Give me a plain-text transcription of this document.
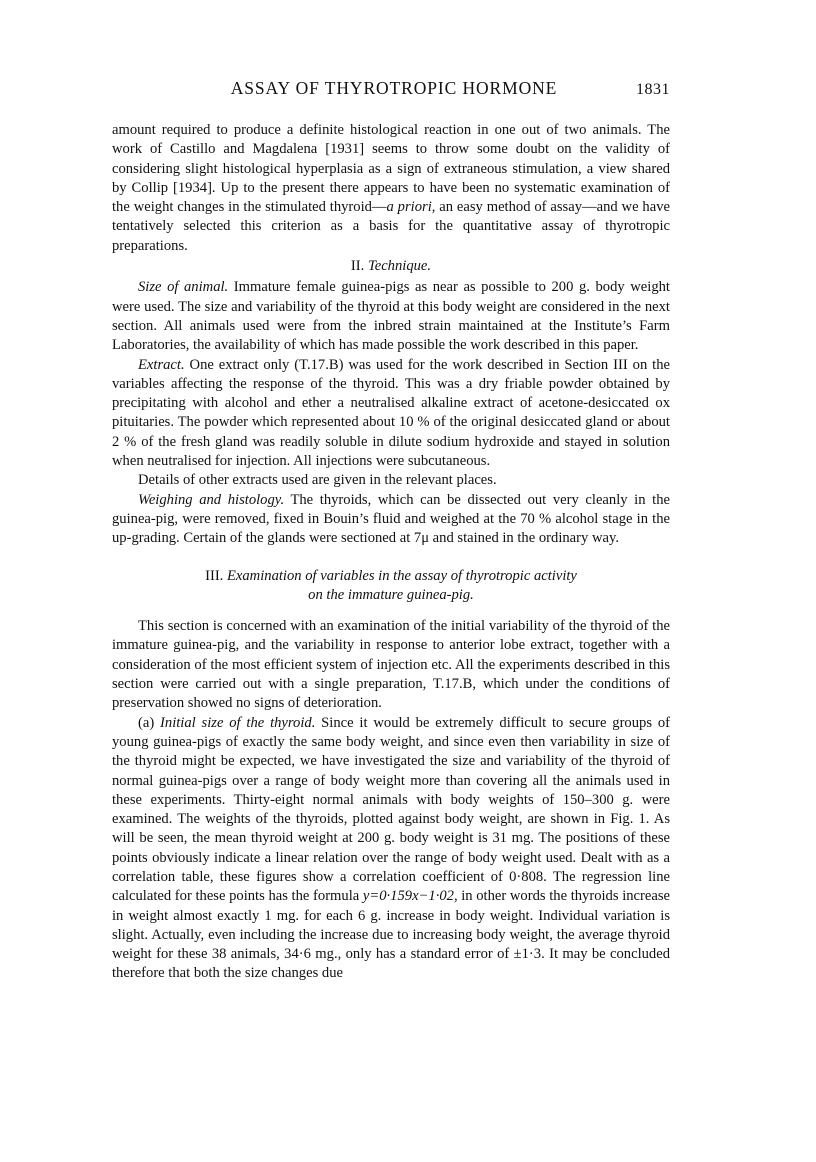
ASSAY OF THYROTROPIC HORMONE	1831

amount required to produce a definite histological reaction in one out of two animals. The work of Castillo and Magdalena [1931] seems to throw some doubt on the validity of considering slight histological hyperplasia as a sign of extraneous stimulation, a view shared by Collip [1934]. Up to the present there appears to have been no systematic examination of the weight changes in the stimulated thyroid—a priori, an easy method of assay—and we have tentatively selected this criterion as a basis for the quantitative assay of thyrotropic preparations.

II. Technique.

Size of animal. Immature female guinea-pigs as near as possible to 200 g. body weight were used. The size and variability of the thyroid at this body weight are considered in the next section. All animals used were from the inbred strain maintained at the Institute’s Farm Laboratories, the availability of which has made possible the work described in this paper.

Extract. One extract only (T.17.B) was used for the work described in Section III on the variables affecting the response of the thyroid. This was a dry friable powder obtained by precipitating with alcohol and ether a neutralised alkaline extract of acetone-desiccated ox pituitaries. The powder which represented about 10 % of the original desiccated gland or about 2 % of the fresh gland was readily soluble in dilute sodium hydroxide and stayed in solution when neutralised for injection. All injections were subcutaneous.

Details of other extracts used are given in the relevant places.

Weighing and histology. The thyroids, which can be dissected out very cleanly in the guinea-pig, were removed, fixed in Bouin’s fluid and weighed at the 70 % alcohol stage in the up-grading. Certain of the glands were sectioned at 7μ and stained in the ordinary way.

III. Examination of variables in the assay of thyrotropic activity
on the immature guinea-pig.

This section is concerned with an examination of the initial variability of the thyroid of the immature guinea-pig, and the variability in response to anterior lobe extract, together with a consideration of the most efficient system of injection etc. All the experiments described in this section were carried out with a single preparation, T.17.B, which under the conditions of preservation showed no signs of deterioration.

(a) Initial size of the thyroid. Since it would be extremely difficult to secure groups of young guinea-pigs of exactly the same body weight, and since even then variability in size of the thyroid might be expected, we have investigated the size and variability of the thyroid of normal guinea-pigs over a range of body weight more than covering all the animals used in these experiments. Thirty-eight normal animals with body weights of 150–300 g. were examined. The weights of the thyroids, plotted against body weight, are shown in Fig. 1. As will be seen, the mean thyroid weight at 200 g. body weight is 31 mg. The positions of these points obviously indicate a linear relation over the range of body weight used. Dealt with as a correlation table, these figures show a correlation coefficient of 0·808. The regression line calculated for these points has the formula y=0·159x−1·02, in other words the thyroids increase in weight almost exactly 1 mg. for each 6 g. increase in body weight. Individual variation is slight. Actually, even including the increase due to increasing body weight, the average thyroid weight for these 38 animals, 34·6 mg., only has a standard error of ±1·3. It may be concluded therefore that both the size changes due
